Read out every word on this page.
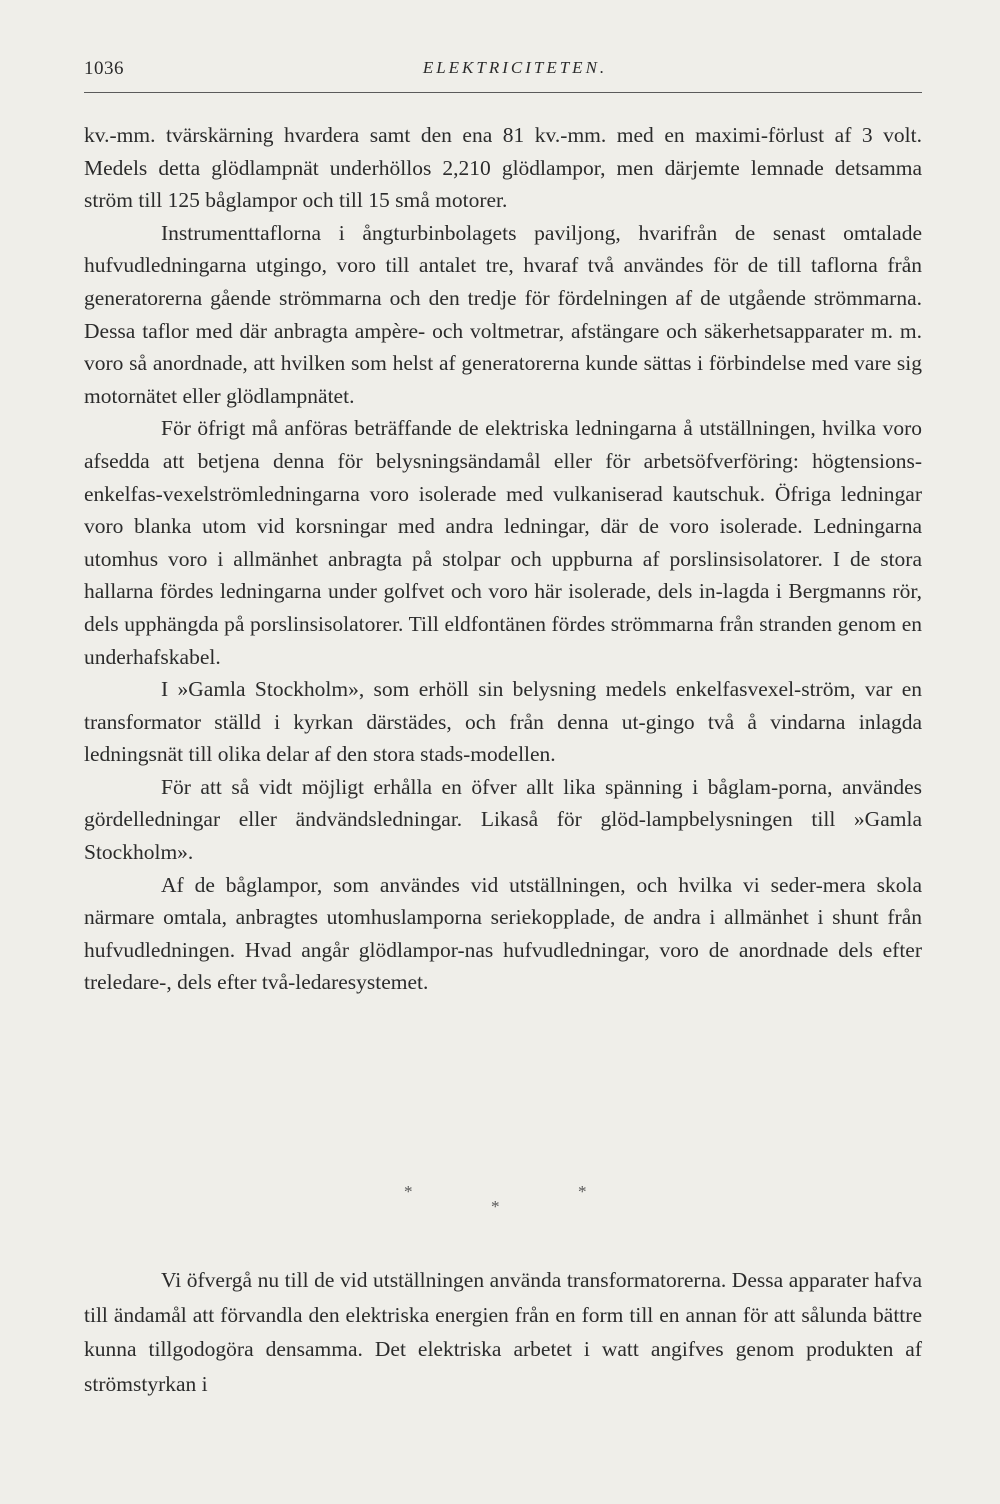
1036	ELEKTRICITETEN.

kv.-mm. tvärskärning hvardera samt den ena 81 kv.-mm. med en maximi-förlust af 3 volt. Medels detta glödlampnät underhöllos 2,210 glödlampor, men därjemte lemnade detsamma ström till 125 båglampor och till 15 små motorer.

Instrumenttaflorna i ångturbinbolagets paviljong, hvarifrån de senast omtalade hufvudledningarna utgingo, voro till antalet tre, hvaraf två användes för de till taflorna från generatorerna gående strömmarna och den tredje för fördelningen af de utgående strömmarna. Dessa taflor med där anbragta ampère- och voltmetrar, afstängare och säkerhetsapparater m. m. voro så anordnade, att hvilken som helst af generatorerna kunde sättas i förbindelse med vare sig motornätet eller glödlampnätet.

För öfrigt må anföras beträffande de elektriska ledningarna å utställningen, hvilka voro afsedda att betjena denna för belysningsändamål eller för arbetsöfverföring: högtensions-enkelfas-vexelströmledningarna voro isolerade med vulkaniserad kautschuk. Öfriga ledningar voro blanka utom vid korsningar med andra ledningar, där de voro isolerade. Ledningarna utomhus voro i allmänhet anbragta på stolpar och uppburna af porslinsisolatorer. I de stora hallarna fördes ledningarna under golfvet och voro här isolerade, dels in-lagda i Bergmanns rör, dels upphängda på porslinsisolatorer. Till eldfontänen fördes strömmarna från stranden genom en underhafskabel.

I »Gamla Stockholm», som erhöll sin belysning medels enkelfasvexel-ström, var en transformator ställd i kyrkan därstädes, och från denna ut-gingo två å vindarna inlagda ledningsnät till olika delar af den stora stads-modellen.

För att så vidt möjligt erhålla en öfver allt lika spänning i båglam-porna, användes gördelledningar eller ändvändsledningar. Likaså för glöd-lampbelysningen till »Gamla Stockholm».

Af de båglampor, som användes vid utställningen, och hvilka vi seder-mera skola närmare omtala, anbragtes utomhuslamporna seriekopplade, de andra i allmänhet i shunt från hufvudledningen. Hvad angår glödlampor-nas hufvudledningar, voro de anordnade dels efter treledare-, dels efter två-ledaresystemet.

*	*
*

Vi öfvergå nu till de vid utställningen använda transformatorerna. Dessa apparater hafva till ändamål att förvandla den elektriska energien från en form till en annan för att sålunda bättre kunna tillgodogöra densamma. Det elektriska arbetet i watt angifves genom produkten af strömstyrkan i
